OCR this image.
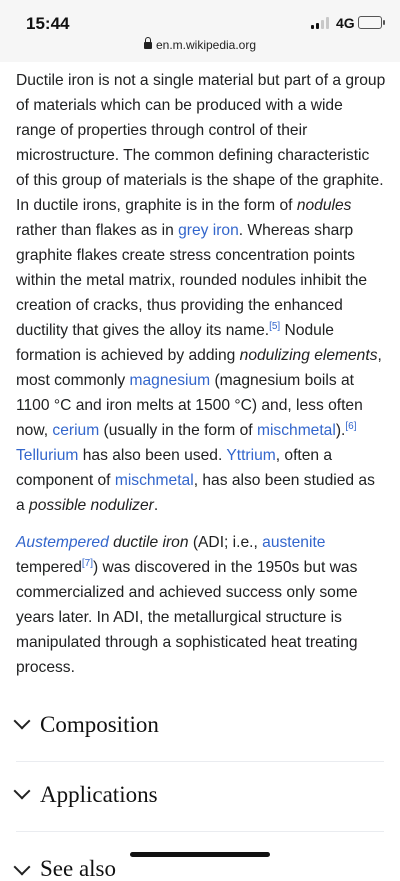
15:44	4G
en.m.wikipedia.org

Ductile iron is not a single material but part of a group of materials which can be produced with a wide range of properties through control of their microstructure. The common defining characteristic of this group of materials is the shape of the graphite. In ductile irons, graphite is in the form of nodules rather than flakes as in grey iron. Whereas sharp graphite flakes create stress concentration points within the metal matrix, rounded nodules inhibit the creation of cracks, thus providing the enhanced ductility that gives the alloy its name.[5] Nodule formation is achieved by adding nodulizing elements, most commonly magnesium (magnesium boils at 1100 °C and iron melts at 1500 °C) and, less often now, cerium (usually in the form of mischmetal).[6] Tellurium has also been used. Yttrium, often a component of mischmetal, has also been studied as a possible nodulizer.

Austempered ductile iron (ADI; i.e., austenite tempered[7]) was discovered in the 1950s but was commercialized and achieved success only some years later. In ADI, the metallurgical structure is manipulated through a sophisticated heat treating process.

Composition
Applications
See also
